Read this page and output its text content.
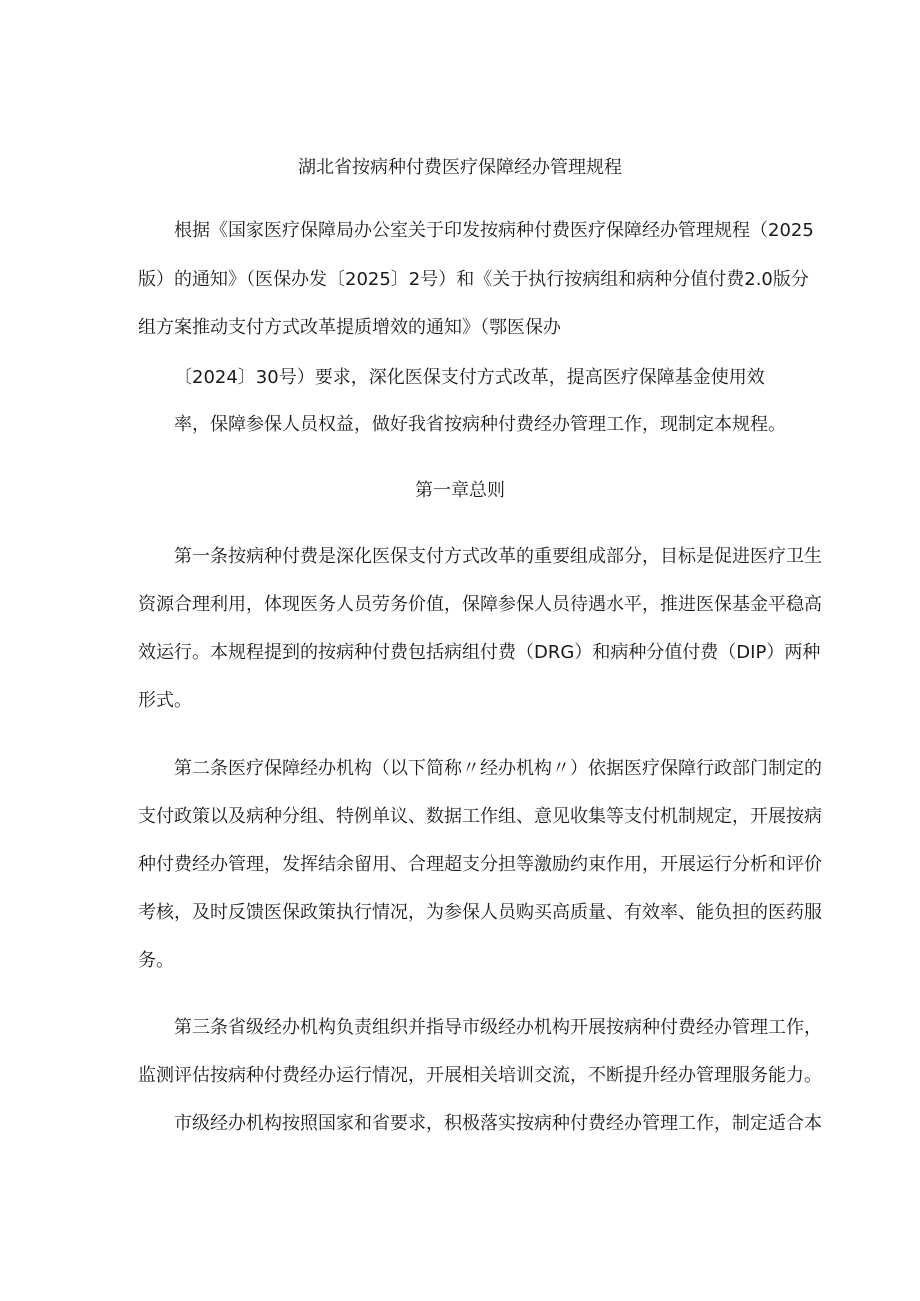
湖北省按病种付费医疗保障经办管理规程
根据《国家医疗保障局办公室关于印发按病种付费医疗保障经办管理规程（2025
版）的通知》（医保办发〔2025〕2号）和《关于执行按病组和病种分值付费2.0版分
组方案推动支付方式改革提质增效的通知》（鄂医保办
〔2024〕30号）要求，深化医保支付方式改革，提高医疗保障基金使用效
率，保障参保人员权益，做好我省按病种付费经办管理工作，现制定本规程。
第一章总则
第一条按病种付费是深化医保支付方式改革的重要组成部分，目标是促进医疗卫生
资源合理利用，体现医务人员劳务价值，保障参保人员待遇水平，推进医保基金平稳高
效运行。本规程提到的按病种付费包括病组付费（DRG）和病种分值付费（DIP）两种
形式。
第二条医疗保障经办机构（以下简称〃经办机构〃）依据医疗保障行政部门制定的
支付政策以及病种分组、特例单议、数据工作组、意见收集等支付机制规定，开展按病
种付费经办管理，发挥结余留用、合理超支分担等激励约束作用，开展运行分析和评价
考核，及时反馈医保政策执行情况，为参保人员购买高质量、有效率、能负担的医药服
务。
第三条省级经办机构负责组织并指导市级经办机构开展按病种付费经办管理工作，
监测评估按病种付费经办运行情况，开展相关培训交流，不断提升经办管理服务能力。
市级经办机构按照国家和省要求，积极落实按病种付费经办管理工作，制定适合本
